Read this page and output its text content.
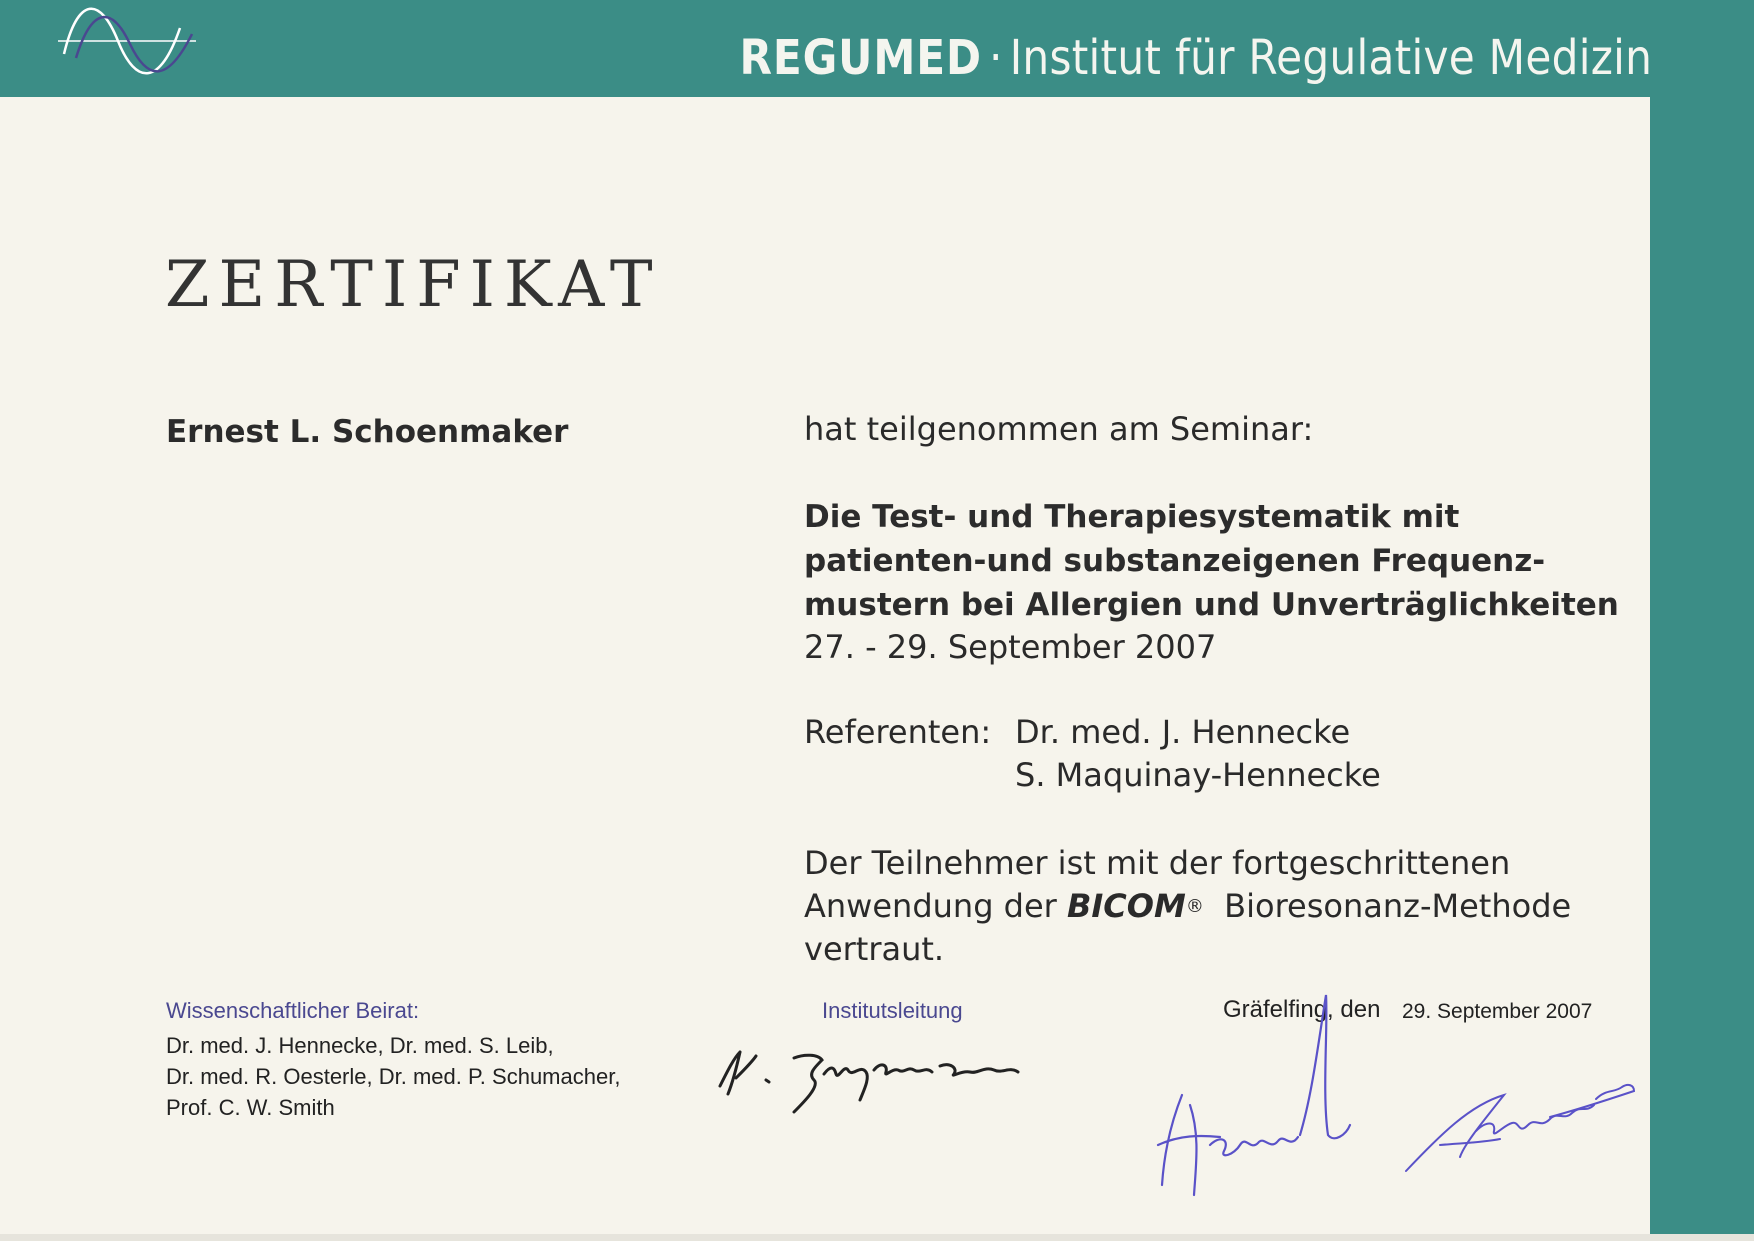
REGUMED · Institut für Regulative Medizin
ZERTIFIKAT
Ernest L. Schoenmaker	hat teilgenommen am Seminar:
Die Test- und Therapiesystematik mit
patienten-und substanzeigenen Frequenz-
mustern bei Allergien und Unverträglichkeiten
27. - 29. September 2007
Referenten: Dr. med. J. Hennecke
S. Maquinay-Hennecke
Der Teilnehmer ist mit der fortgeschrittenen
Anwendung der BICOM® Bioresonanz-Methode
vertraut.
Wissenschaftlicher Beirat:
Dr. med. J. Hennecke, Dr. med. S. Leib,
Dr. med. R. Oesterle, Dr. med. P. Schumacher,
Prof. C. W. Smith
Institutsleitung	Gräfelfing, den 29. September 2007
